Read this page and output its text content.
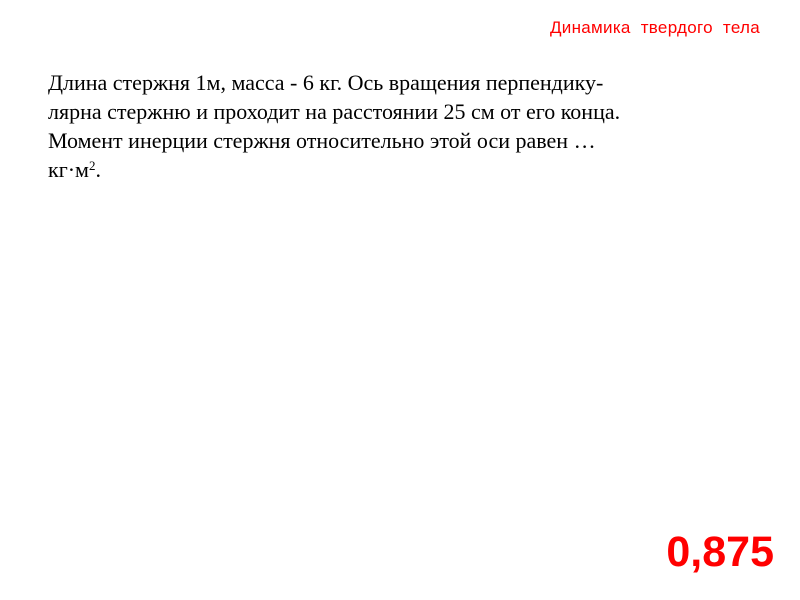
Динамика твердого тела
Длина стержня 1м, масса - 6 кг. Ось вращения перпендику-
лярна стержню и проходит на расстоянии 25 см от его конца.
Момент инерции стержня относительно этой оси равен …
$кг\cdot м^2$.
0,875
